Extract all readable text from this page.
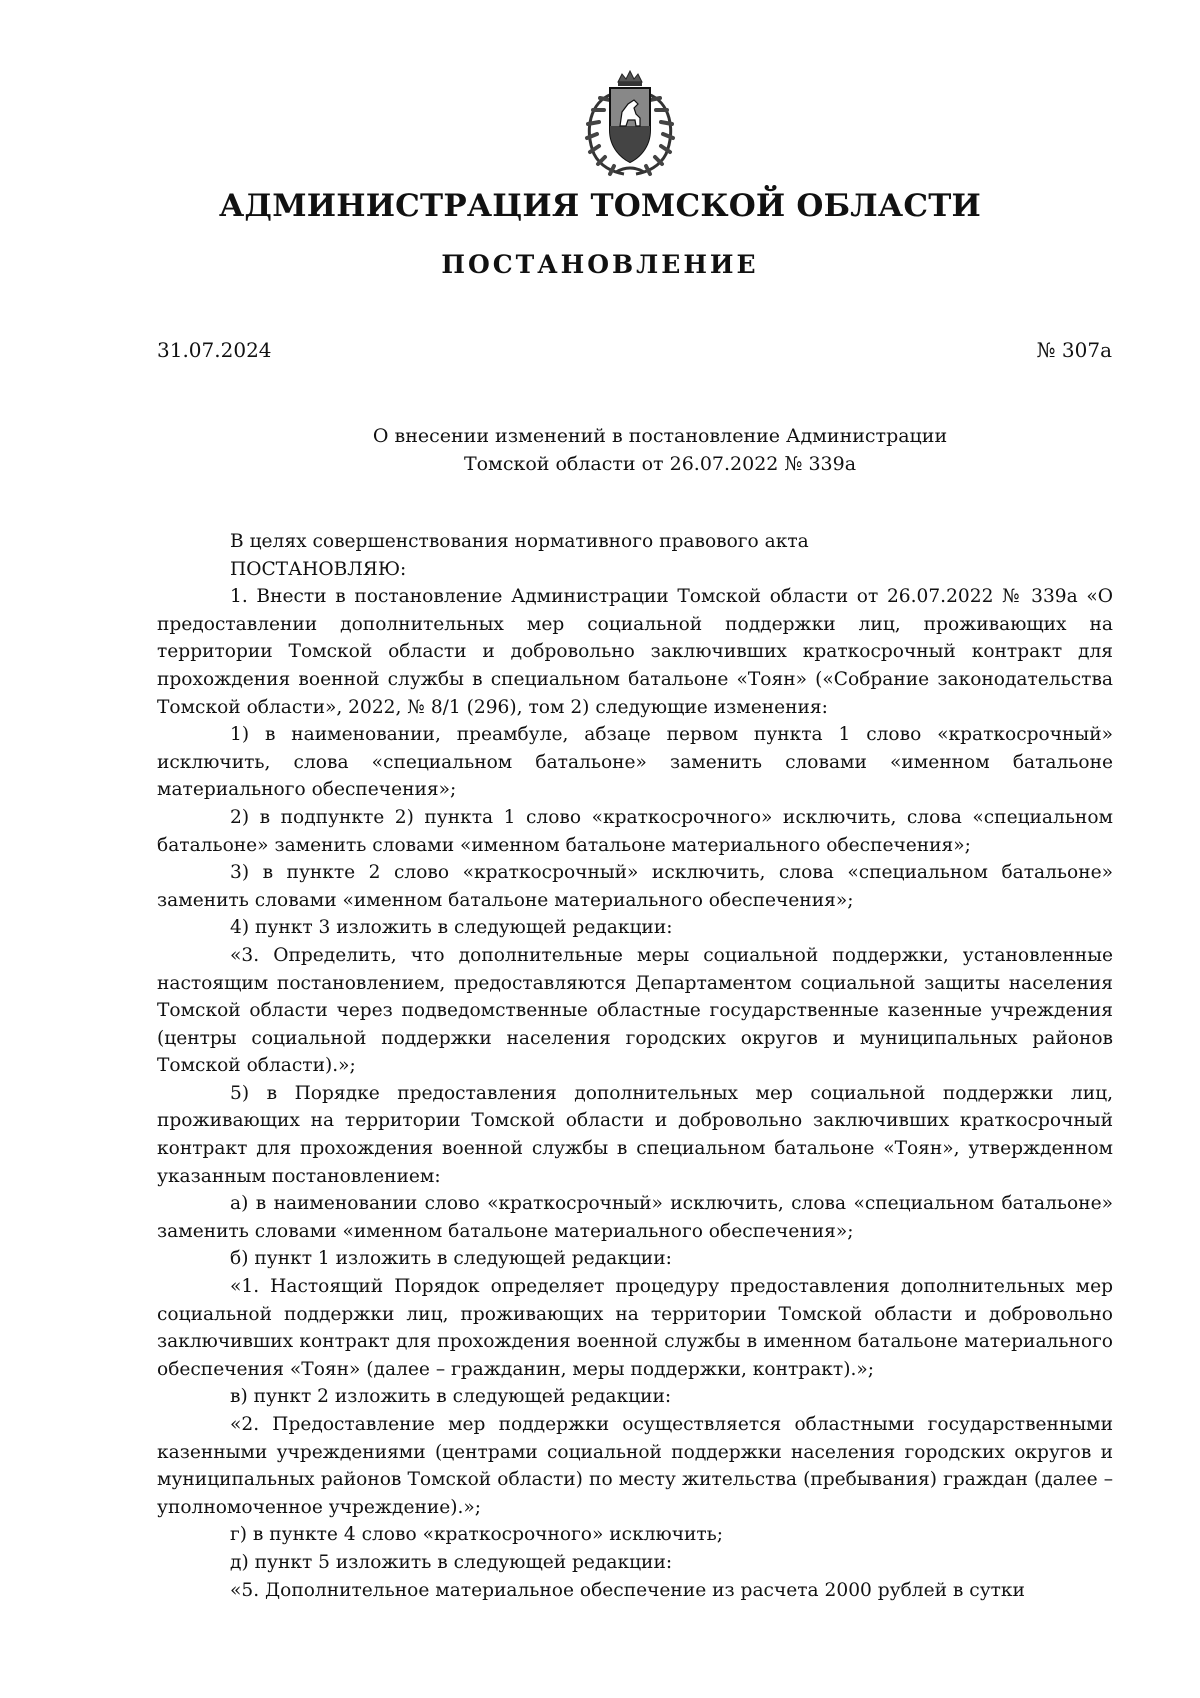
АДМИНИСТРАЦИЯ ТОМСКОЙ ОБЛАСТИ
ПОСТАНОВЛЕНИЕ
31.07.2024	№ 307а
О внесении изменений в постановление Администрации
Томской области от 26.07.2022 № 339а

В целях совершенствования нормативного правового акта

ПОСТАНОВЛЯЮ:

1. Внести в постановление Администрации Томской области от 26.07.2022 № 339а «О предоставлении дополнительных мер социальной поддержки лиц, проживающих на территории Томской области и добровольно заключивших краткосрочный контракт для прохождения военной службы в специальном батальоне «Тоян» («Собрание законодательства Томской области», 2022, № 8/1 (296), том 2) следующие изменения:

1) в наименовании, преамбуле, абзаце первом пункта 1 слово «краткосрочный» исключить, слова «специальном батальоне» заменить словами «именном батальоне материального обеспечения»;

2) в подпункте 2) пункта 1 слово «краткосрочного» исключить, слова «специальном батальоне» заменить словами «именном батальоне материального обеспечения»;

3) в пункте 2 слово «краткосрочный» исключить, слова «специальном батальоне» заменить словами «именном батальоне материального обеспечения»;

4) пункт 3 изложить в следующей редакции:

«3. Определить, что дополнительные меры социальной поддержки, установленные настоящим постановлением, предоставляются Департаментом социальной защиты населения Томской области через подведомственные областные государственные казенные учреждения (центры социальной поддержки населения городских округов и муниципальных районов Томской области).»;

5) в Порядке предоставления дополнительных мер социальной поддержки лиц, проживающих на территории Томской области и добровольно заключивших краткосрочный контракт для прохождения военной службы в специальном батальоне «Тоян», утвержденном указанным постановлением:

а) в наименовании слово «краткосрочный» исключить, слова «специальном батальоне» заменить словами «именном батальоне материального обеспечения»;

б) пункт 1 изложить в следующей редакции:

«1. Настоящий Порядок определяет процедуру предоставления дополнительных мер социальной поддержки лиц, проживающих на территории Томской области и добровольно заключивших контракт для прохождения военной службы в именном батальоне материального обеспечения «Тоян» (далее – гражданин, меры поддержки, контракт).»;

в) пункт 2 изложить в следующей редакции:

«2. Предоставление мер поддержки осуществляется областными государственными казенными учреждениями (центрами социальной поддержки населения городских округов и муниципальных районов Томской области) по месту жительства (пребывания) граждан (далее – уполномоченное учреждение).»;

г) в пункте 4 слово «краткосрочного» исключить;

д) пункт 5 изложить в следующей редакции:

«5. Дополнительное материальное обеспечение из расчета 2000 рублей в сутки
